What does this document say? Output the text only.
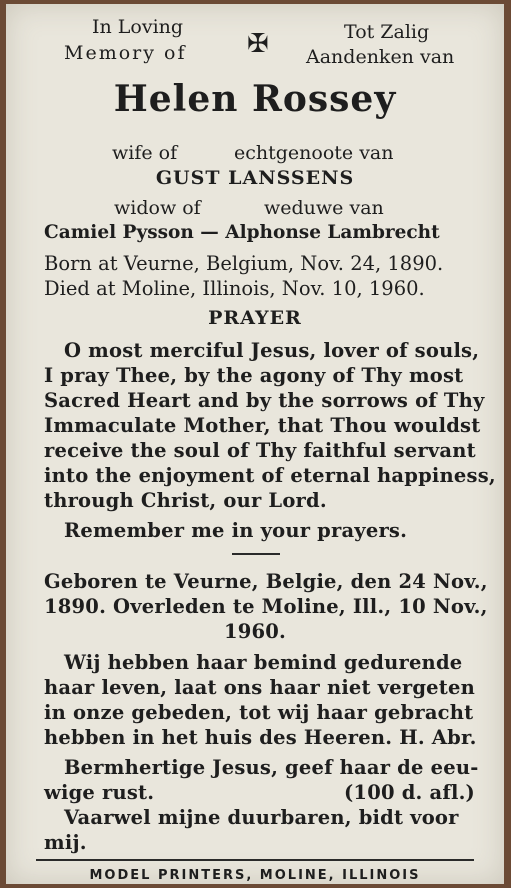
In Loving
Memory of ✠	Tot Zalig
Aandenken van
Helen Rossey
wife of	echtgenoote van
GUST LANSSENS
widow of	weduwe van
Camiel Pysson — Alphonse Lambrecht
Born at Veurne, Belgium, Nov. 24, 1890.
Died at Moline, Illinois, Nov. 10, 1960.
PRAYER
O most merciful Jesus, lover of souls,
I pray Thee, by the agony of Thy most
Sacred Heart and by the sorrows of Thy
Immaculate Mother, that Thou wouldst
receive the soul of Thy faithful servant
into the enjoyment of eternal happiness,
through Christ, our Lord.
Remember me in your prayers.
Geboren te Veurne, Belgie, den 24 Nov.,
1890. Overleden te Moline, Ill., 10 Nov.,
1960.
Wij hebben haar bemind gedurende
haar leven, laat ons haar niet vergeten
in onze gebeden, tot wij haar gebracht
hebben in het huis des Heeren. H. Abr.
Bermhertige Jesus, geef haar de eeu-
wige rust.	(100 d. afl.)
Vaarwel mijne duurbaren, bidt voor
mij.
MODEL PRINTERS, MOLINE, ILLINOIS
